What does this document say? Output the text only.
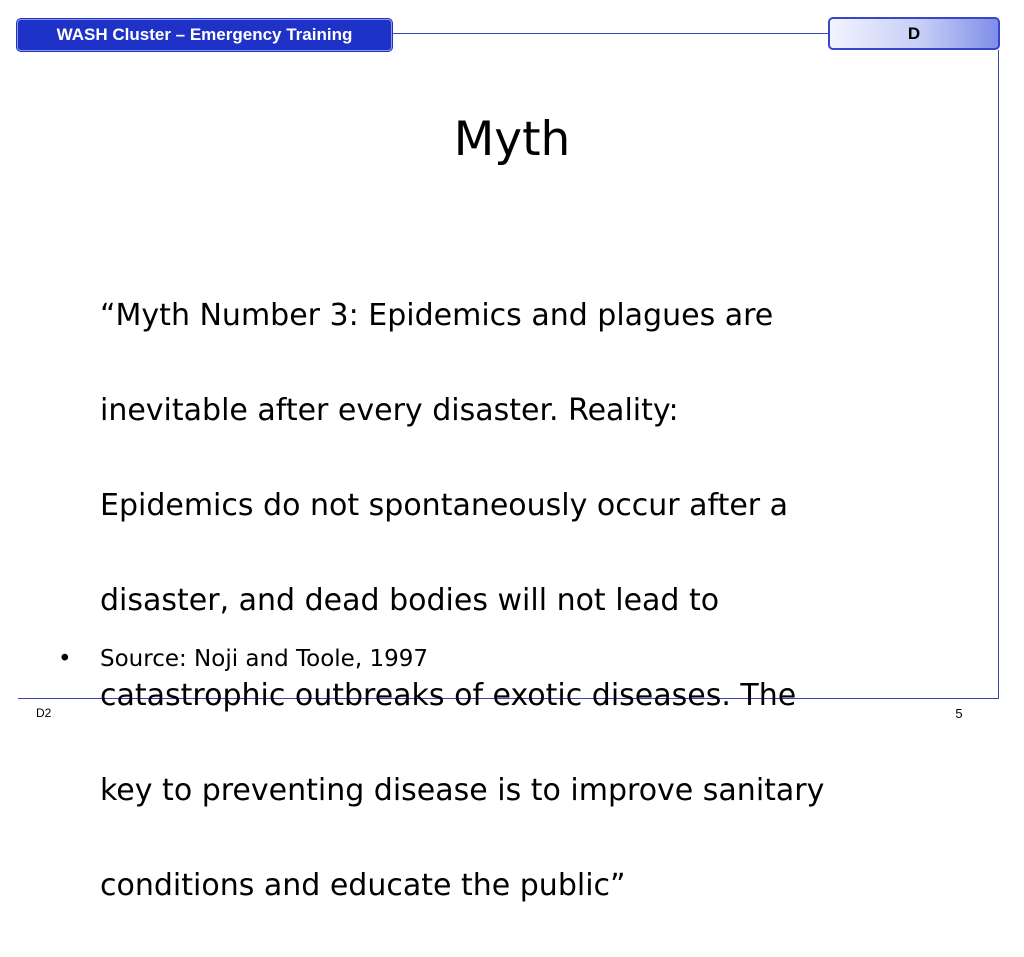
WASH Cluster – Emergency Training	D
Myth

“Myth Number 3: Epidemics and plagues are

inevitable after every disaster. Reality:

Epidemics do not spontaneously occur after a

disaster, and dead bodies will not lead to

catastrophic outbreaks of exotic diseases. The

key to preventing disease is to improve sanitary

conditions and educate the public”

• Source: Noji and Toole, 1997
D2	5
